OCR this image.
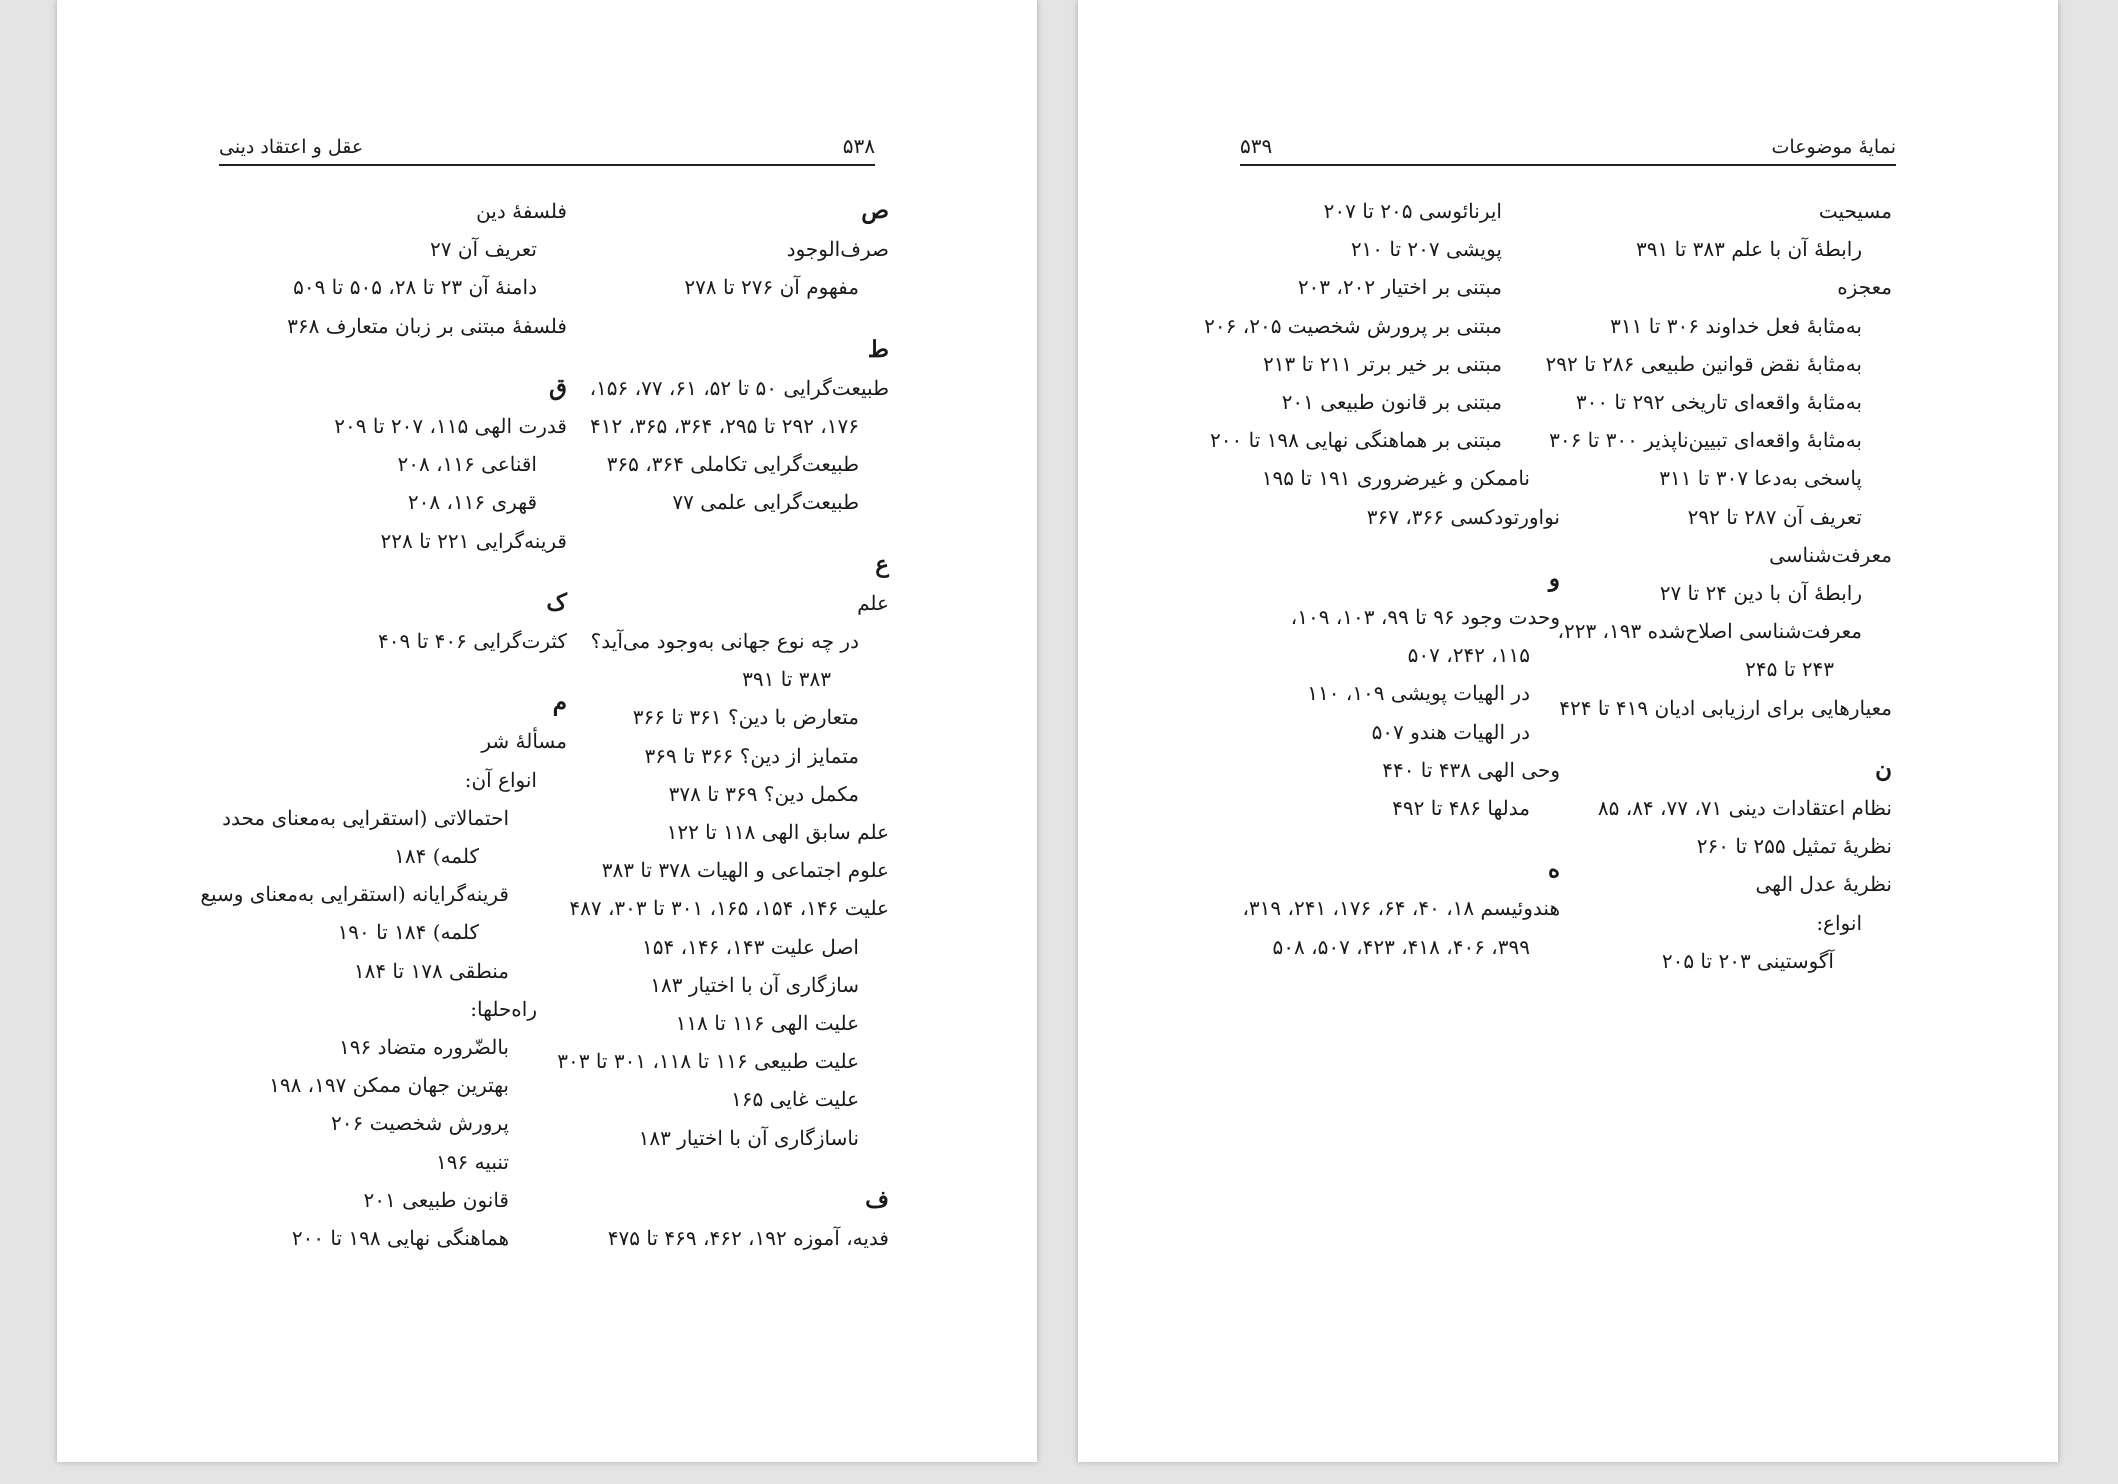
۵۳۸
عقل و اعتقاد دینی
ص
صرف‌الوجود
مفهوم آن ۲۷۶ تا ۲۷۸
ط
طبیعت‌گرایی ۵۰ تا ۵۲، ۶۱، ۷۷، ۱۵۶،
۱۷۶، ۲۹۲ تا ۲۹۵، ۳۶۴، ۳۶۵، ۴۱۲
طبیعت‌گرایی تکاملی ۳۶۴، ۳۶۵
طبیعت‌گرایی علمی ۷۷
ع
علم
در چه نوع جهانی به‌وجود می‌آید؟
۳۸۳ تا ۳۹۱
متعارض با دین؟ ۳۶۱ تا ۳۶۶
متمایز از دین؟ ۳۶۶ تا ۳۶۹
مکمل دین؟ ۳۶۹ تا ۳۷۸
علم سابق الهی ۱۱۸ تا ۱۲۲
علوم اجتماعی و الهیات ۳۷۸ تا ۳۸۳
علیت ۱۴۶، ۱۵۴، ۱۶۵، ۳۰۱ تا ۳۰۳، ۴۸۷
اصل علیت ۱۴۳، ۱۴۶، ۱۵۴
سازگاری آن با اختیار ۱۸۳
علیت الهی ۱۱۶ تا ۱۱۸
علیت طبیعی ۱۱۶ تا ۱۱۸، ۳۰۱ تا ۳۰۳
علیت غایی ۱۶۵
ناسازگاری آن با اختیار ۱۸۳
ف
فدیه، آموزه ۱۹۲، ۴۶۲، ۴۶۹ تا ۴۷۵
فلسفهٔ دین
تعریف آن ۲۷
دامنهٔ آن ۲۳ تا ۲۸، ۵۰۵ تا ۵۰۹
فلسفهٔ مبتنی بر زبان متعارف ۳۶۸
ق
قدرت الهی ۱۱۵، ۲۰۷ تا ۲۰۹
اقناعی ۱۱۶، ۲۰۸
قهری ۱۱۶، ۲۰۸
قرینه‌گرایی ۲۲۱ تا ۲۲۸
ک
کثرت‌گرایی ۴۰۶ تا ۴۰۹
م
مسألهٔ شر
انواع آن:
احتمالاتی (استقرایی به‌معنای محدد
کلمه) ۱۸۴
قرینه‌گرایانه (استقرایی به‌معنای وسیع
کلمه) ۱۸۴ تا ۱۹۰
منطقی ۱۷۸ تا ۱۸۴
راه‌حلها:
بالضّروره متضاد ۱۹۶
بهترین جهان ممکن ۱۹۷، ۱۹۸
پرورش شخصیت ۲۰۶
تنبیه ۱۹۶
قانون طبیعی ۲۰۱
هماهنگی نهایی ۱۹۸ تا ۲۰۰
۵۳۹	نمایهٔ موضوعات
مسیحیت
رابطهٔ آن با علم ۳۸۳ تا ۳۹۱
معجزه
به‌مثابهٔ فعل خداوند ۳۰۶ تا ۳۱۱
به‌مثابهٔ نقض قوانین طبیعی ۲۸۶ تا ۲۹۲
به‌مثابهٔ واقعه‌ای تاریخی ۲۹۲ تا ۳۰۰
به‌مثابهٔ واقعه‌ای تبیین‌ناپذیر ۳۰۰ تا ۳۰۶
پاسخی به‌دعا ۳۰۷ تا ۳۱۱
تعریف آن ۲۸۷ تا ۲۹۲
معرفت‌شناسی
رابطهٔ آن با دین ۲۴ تا ۲۷
معرفت‌شناسی اصلاح‌شده ۱۹۳، ۲۲۳،
۲۴۳ تا ۲۴۵
معیارهایی برای ارزیابی ادیان ۴۱۹ تا ۴۲۴
ن
نظام اعتقادات دینی ۷۱، ۷۷، ۸۴، ۸۵
نظریهٔ تمثیل ۲۵۵ تا ۲۶۰
نظریهٔ عدل الهی
انواع:
آگوستینی ۲۰۳ تا ۲۰۵
ایرنائوسی ۲۰۵ تا ۲۰۷
پویشی ۲۰۷ تا ۲۱۰
مبتنی بر اختیار ۲۰۲، ۲۰۳
مبتنی بر پرورش شخصیت ۲۰۵، ۲۰۶
مبتنی بر خیر برتر ۲۱۱ تا ۲۱۳
مبتنی بر قانون طبیعی ۲۰۱
مبتنی بر هماهنگی نهایی ۱۹۸ تا ۲۰۰
ناممکن و غیرضروری ۱۹۱ تا ۱۹۵
نواورتودکسی ۳۶۶، ۳۶۷
و
وحدت وجود ۹۶ تا ۹۹، ۱۰۳، ۱۰۹،
۱۱۵، ۲۴۲، ۵۰۷
در الهیات پویشی ۱۰۹، ۱۱۰
در الهیات هندو ۵۰۷
وحی الهی ۴۳۸ تا ۴۴۰
مدلها ۴۸۶ تا ۴۹۲
ه
هندوئیسم ۱۸، ۴۰، ۶۴، ۱۷۶، ۲۴۱، ۳۱۹،
۳۹۹، ۴۰۶، ۴۱۸، ۴۲۳، ۵۰۷، ۵۰۸
